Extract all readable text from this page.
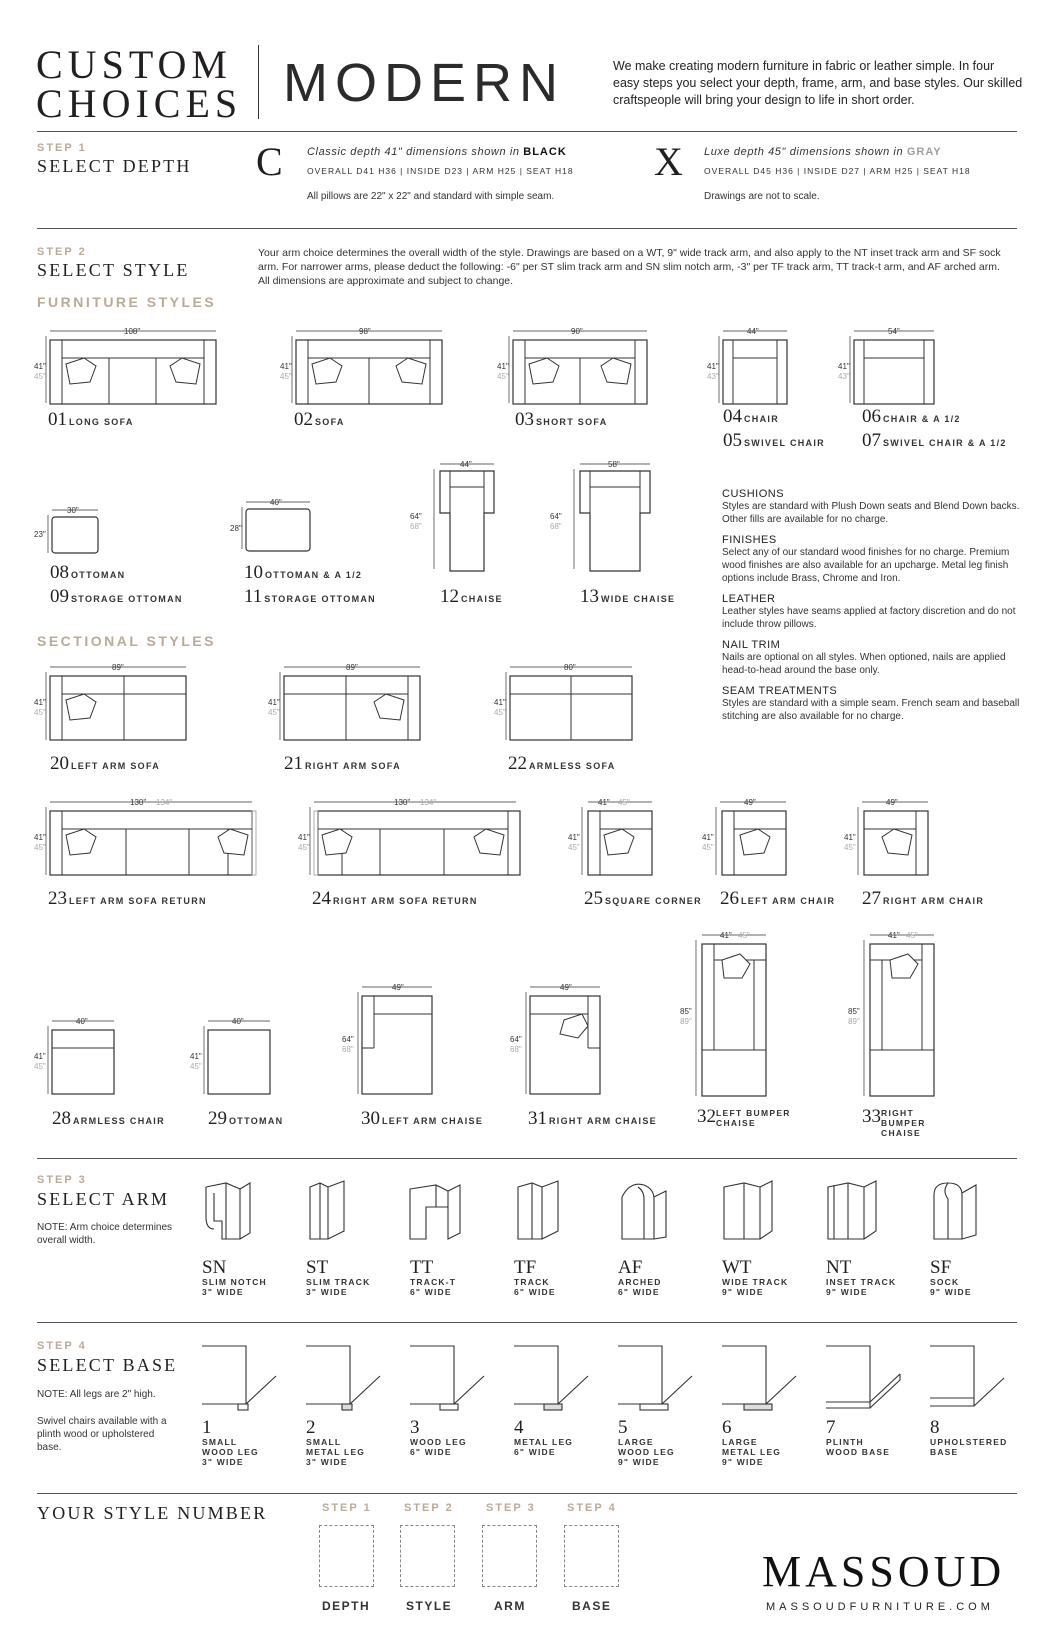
CUSTOM
CHOICES MODERN	We make creating modern furniture in fabric or leather simple. In four easy steps you select your depth, frame, arm, and base styles. Our skilled craftspeople will bring your design to life in short order.
STEP 1
SELECT DEPTH C Classic depth 41" dimensions shown in BLACK
OVERALL D41 H36 | INSIDE D23 | ARM H25 | SEAT H18
All pillows are 22" x 22" and standard with simple seam.
X Luxe depth 45" dimensions shown in GRAY
OVERALL D45 H36 | INSIDE D27 | ARM H25 | SEAT H18
Drawings are not to scale.
STEP 2
SELECT STYLE
Your arm choice determines the overall width of the style. Drawings are based on a WT, 9" wide track arm, and also apply to the NT inset track arm and SF sock arm. For narrower arms, please deduct the following: -6" per ST slim track arm and SN slim notch arm, -3" per TF track arm, TT track-t arm, and AF arched arm. All dimensions are approximate and subject to change.
FURNITURE STYLES
108"
41"
45"
01 LONG SOFA
98"
41"
45"
02 SOFA
90"
41"
45"
03 SHORT SOFA
44"
41"
43"
54"
41"
43"
04 CHAIR
05 SWIVEL CHAIR
06 CHAIR & A 1/2
07 SWIVEL CHAIR & A 1/2
30"
23"
08 OTTOMAN
09 STORAGE OTTOMAN
40"
28"
10 OTTOMAN & A 1/2
11 STORAGE OTTOMAN
44"
64"
68"
12 CHAISE
58"
64"
68"
13 WIDE CHAISE
CUSHIONS
Styles are standard with Plush Down seats and Blend Down backs. Other fills are available for no charge.
FINISHES
Select any of our standard wood finishes for no charge. Premium wood finishes are also available for an upcharge. Metal leg finish options include Brass, Chrome and Iron.
LEATHER
Leather styles have seams applied at factory discretion and do not include throw pillows.
NAIL TRIM
Nails are optional on all styles. When optioned, nails are applied head-to-head around the base only.
SEAM TREATMENTS
Styles are standard with a simple seam. French seam and baseball stitching are also available for no charge.
SECTIONAL STYLES
89"
41"
45"
20 LEFT ARM SOFA
89"
41"
45"
21 RIGHT ARM SOFA
80"
41"
45"
22 ARMLESS SOFA
130" 134"
41"
45"
23 LEFT ARM SOFA RETURN
130" 134"
41"
45"
24 RIGHT ARM SOFA RETURN
41" 45"
41"
45"
25 SQUARE CORNER
49"
41"
45"
26 LEFT ARM CHAIR
49"
41"
45"
27 RIGHT ARM CHAIR
40"
41"
45"
28 ARMLESS CHAIR
40"
41"
45"
29 OTTOMAN
49"
64"
68"
30 LEFT ARM CHAISE
49"
64"
68"
31 RIGHT ARM CHAISE
41" 45"
85"
89"
32LEFT BUMPER CHAISE
41" 45"
85"
89"
33RIGHT BUMPER CHAISE
STEP 3
SELECT ARM
NOTE: Arm choice determines overall width.
SN
SLIM NOTCH
3" WIDE
ST
SLIM TRACK
3" WIDE
TT
TRACK-T
6" WIDE
TF
TRACK
6" WIDE
AF
ARCHED
6" WIDE
WT
WIDE TRACK
9" WIDE
NT
INSET TRACK
9" WIDE
SF
SOCK
9" WIDE
STEP 4
SELECT BASE
NOTE: All legs are 2" high.
Swivel chairs available with a plinth wood or upholstered base.
1
SMALL
WOOD LEG
3" WIDE
2
SMALL
METAL LEG
3" WIDE
3
WOOD LEG
6" WIDE
4
METAL LEG
6" WIDE
5
LARGE
WOOD LEG
9" WIDE
6
LARGE
METAL LEG
9" WIDE
7
PLINTH
WOOD BASE
8
UPHOLSTERED
BASE
YOUR STYLE NUMBER	STEP 1	STEP 2	STEP 3	STEP 4
DEPTH	STYLE	ARM	BASE
MASSOUD
MASSOUDFURNITURE.COM
